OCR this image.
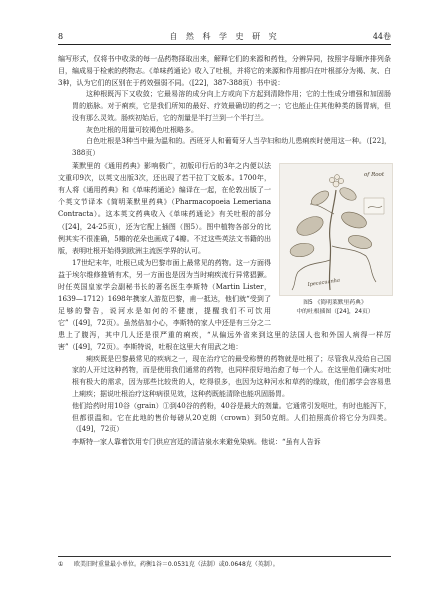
8	自 然 科 学 史 研 究	44卷

编写形式，仅将书中收录的每一品药物择取出来，解释它们的来源和药性，分辨异同，按照字母顺序排列条目，编成易于检索的药物志。《单味药通论》收入了吐根，并将它的来源和作用都归在叶根部分为褐、灰、白3种，认为它们的区别在于药效强弱不同。（[22]，387-388页）书中说：

这种根既泻下又收敛；它最易溶的成分向上方或向下方起到清除作用；它的土性成分增强和加固肠胃的筋脉。对于痢疾，它是我们所知的最好、疗效最确切的药之一；它也能止住其他种类的肠胃病，但没有那么灵效。肠疾初始后，它的剂量是半打兰到一个半打兰。

灰色吐根的用量可较褐色吐根略多。

白色吐根是3种当中最为温和的。西班牙人和葡萄牙人当孕妇和幼儿患痢疾时使用这一种。（[22]，388页）

of Root
Ipecacuanha
图5 《简明莱默里药典》
中的吐根插图（[24]，24页）

莱默里的《通用药典》影响极广，初版印行后的3年之内便以法文重印9次，以英文出版3次，还出现了若干拉丁文版本。1700年，有人将《通用药典》和《单味药通论》编译在一起，在伦敦出版了一个英文节译本《简明莱默里药典》（Pharmacopoeia Lemeriana Contracta）。这本英文药典收入《单味药通论》有关吐根的部分（[24]，24-25页），还为它配上插图（图5）。图中植物各部分的比例其实不很准确，5瓣的花朵也画成了4瓣。不过这些英法文书籍的出版，表明吐根开始得到欧洲主流医学界的认可。

17世纪末年，吐根已成为巴黎市面上最常见的药物。这一方面得益于埃尔维修推销有术，另一方面也是因为当时痢疾流行异常猖獗。时任英国皇家学会副秘书长的著名医生李斯特（Martin Lister，1639—1712）1698年携家人游览巴黎，甫一抵达，他们就“受到了足够的警告，说河水是如何的不健康，提醒我们不可饮用它”（[49]，72页）。虽然倍加小心，李斯特的家人中还是有三分之二患上了腹泻，其中几人还是很严重的痢疾，“从偏远外省来到这里的法国人也和外国人病得一样厉害”（[49]，72页）。李斯特说，吐根在这里大有用武之地：

痢疾既是巴黎最常见的疾病之一，现在治疗它的最受称赞的药物就是吐根了；尽管我从没给自己国家的人开过这种药物，而是使用我们通常的药物，也同样很好地治愈了每一个人。在这里他们确实对吐根有极大的需求，因为那些比较贵的人，吃得很多，也因为这种河水和草药的缘故，他们都学会容易患上痢疾；据说吐根治疗这种病很见效，这种药既能清除也能巩固肠胃。

他们给药时用10谷（grain）①到40谷的药粉，40谷是最大的剂量。它通常引发呕吐，有时也能泻下，但都很温和。它在此地的售价每磅从20克朗（crown）到50克朗。人们拍照高价将它分为四类。（[49]，72页）

李斯特一家人靠着饮用专门供应宫廷的清洁泉水来避免染病。他说：“虽有人告诉

① 欧美旧时重量最小单位。药衡1谷＝0.0531克（法制）或0.0648克（英制）。
